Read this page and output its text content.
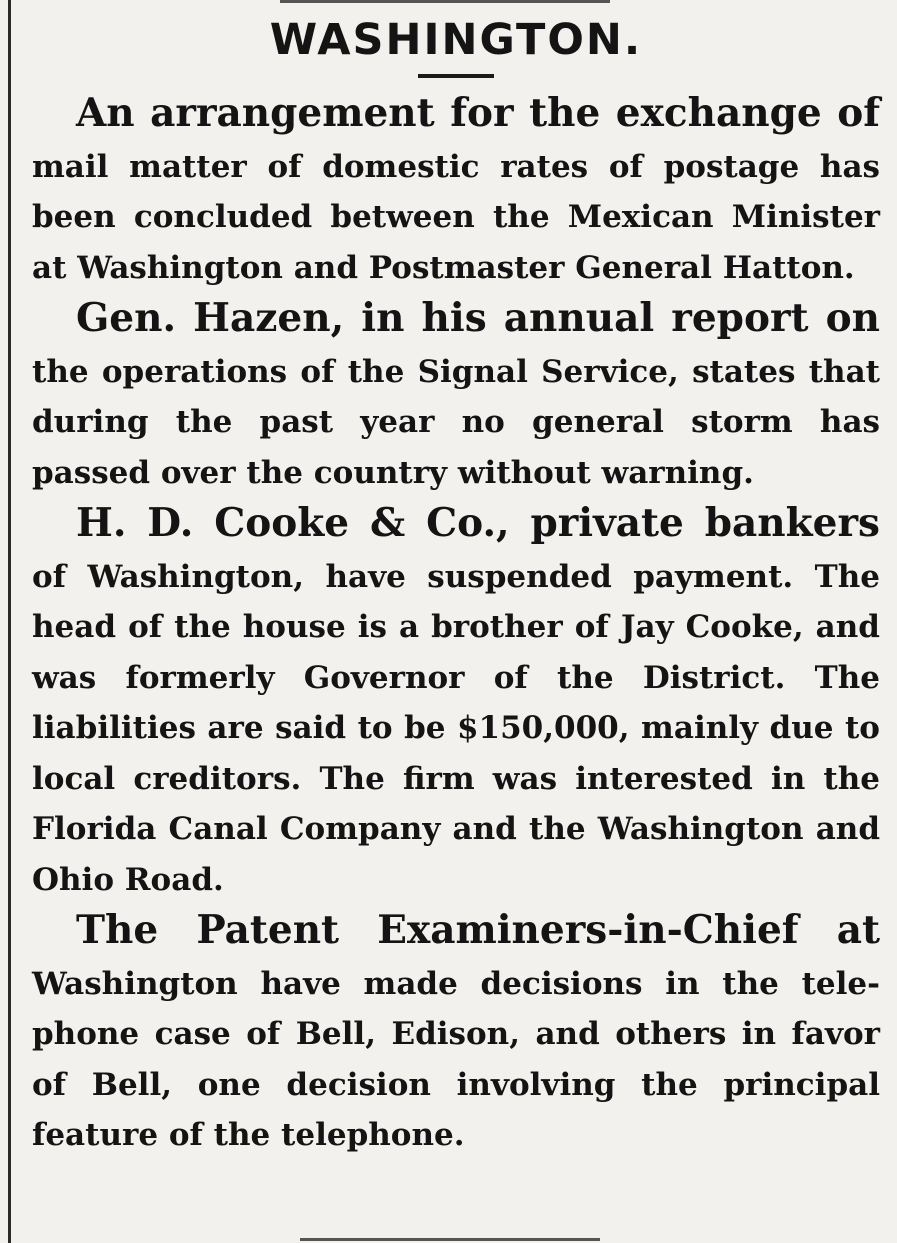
WASHINGTON.

An arrangement for the exchange of mail matter of domestic rates of postage has been concluded between the Mexican Minister at Washington and Postmaster General Hatton.

Gen. Hazen, in his annual report on the operations of the Signal Service, states that during the past year no general storm has passed over the country without warning.

H. D. Cooke & Co., private bankers of Washington, have suspended payment. The head of the house is a brother of Jay Cooke, and was formerly Governor of the District. The liabilities are said to be $150,000, mainly due to local creditors. The firm was interested in the Florida Canal Company and the Washington and Ohio Road.

The Patent Examiners-in-Chief at Washington have made decisions in the telephone case of Bell, Edison, and others in favor of Bell, one decision involving the principal feature of the telephone.
